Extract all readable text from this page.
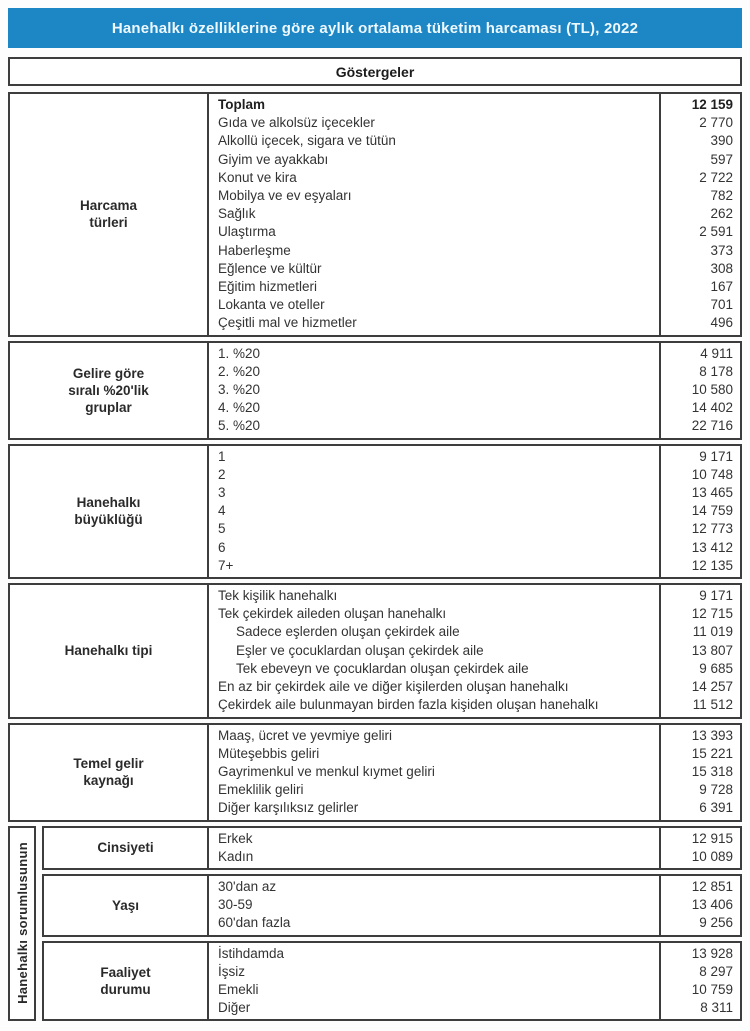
Hanehalkı özelliklerine göre aylık ortalama tüketim harcaması (TL), 2022
Göstergeler
Harcama türleri
Toplam
Gıda ve alkolsüz içecekler
Alkollü içecek, sigara ve tütün
Giyim ve ayakkabı
Konut ve kira
Mobilya ve ev eşyaları
Sağlık
Ulaştırma
Haberleşme
Eğlence ve kültür
Eğitim hizmetleri
Lokanta ve oteller
Çeşitli mal ve hizmetler
12 159
2 770
390
597
2 722
782
262
2 591
373
308
167
701
496
Gelire göre sıralı %20'lik gruplar
1. %20
2. %20
3. %20
4. %20
5. %20
4 911
8 178
10 580
14 402
22 716
Hanehalkı büyüklüğü
1
2
3
4
5
6
7+
9 171
10 748
13 465
14 759
12 773
13 412
12 135
Hanehalkı tipi
Tek kişilik hanehalkı
Tek çekirdek aileden oluşan hanehalkı
Sadece eşlerden oluşan çekirdek aile
Eşler ve çocuklardan oluşan çekirdek aile
Tek ebeveyn ve çocuklardan oluşan çekirdek aile
En az bir çekirdek aile ve diğer kişilerden oluşan hanehalkı
Çekirdek aile bulunmayan birden fazla kişiden oluşan hanehalkı
9 171
12 715
11 019
13 807
9 685
14 257
11 512
Temel gelir kaynağı
Maaş, ücret ve yevmiye geliri
Müteşebbis geliri
Gayrimenkul ve menkul kıymet geliri
Emeklilik geliri
Diğer karşılıksız gelirler
13 393
15 221
15 318
9 728
6 391
Hanehalkı sorumlusunun	Cinsiyeti
Erkek
Kadın
12 915
10 089
Yaşı
30'dan az
30-59
60'dan fazla
12 851
13 406
9 256
Faaliyet durumu
İstihdamda
İşsiz
Emekli
Diğer
13 928
8 297
10 759
8 311
